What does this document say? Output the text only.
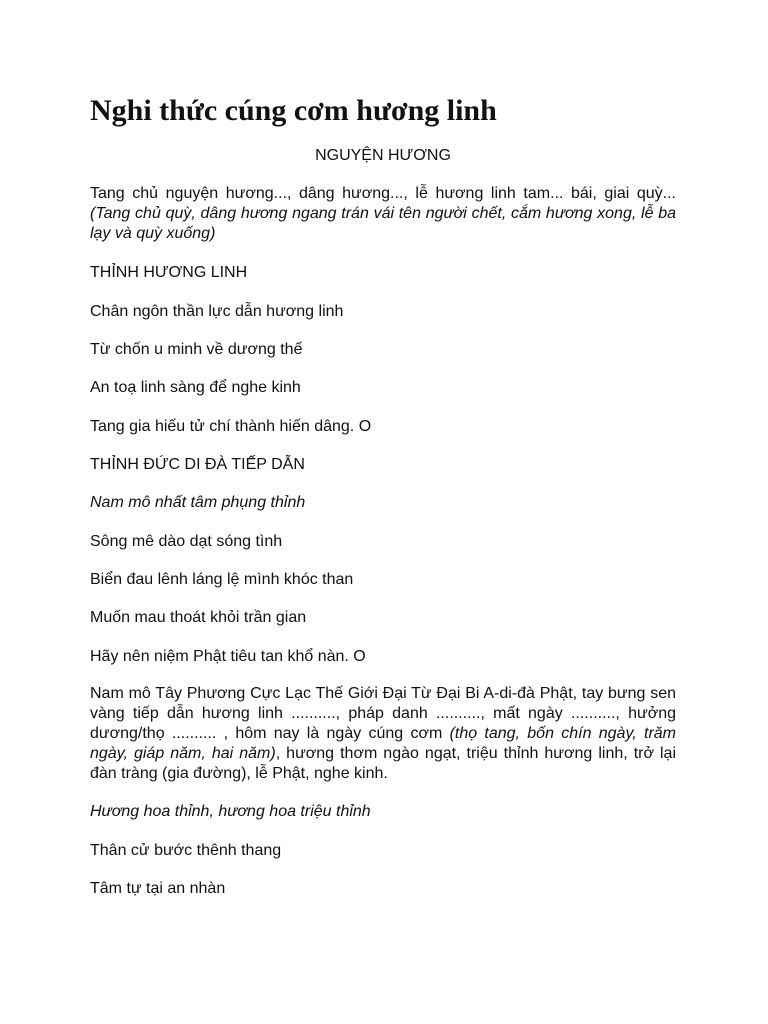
Nghi thức cúng cơm hương linh
NGUYỆN HƯƠNG

Tang chủ nguyện hương..., dâng hương..., lễ hương linh tam... bái, giai quỳ... (Tang chủ quỳ, dâng hương ngang trán vái tên người chết, cắm hương xong, lễ ba lạy và quỳ xuống)

THỈNH HƯƠNG LINH

Chân ngôn thần lực dẫn hương linh

Từ chốn u minh về dương thế

An toạ linh sàng để nghe kinh

Tang gia hiếu tử chí thành hiến dâng. O

THỈNH ĐỨC DI ĐÀ TIẾP DẪN

Nam mô nhất tâm phụng thỉnh

Sông mê dào dạt sóng tình

Biển đau lênh láng lệ mình khóc than

Muốn mau thoát khỏi trần gian

Hãy nên niệm Phật tiêu tan khổ nàn. O

Nam mô Tây Phương Cực Lạc Thế Giới Đại Từ Đại Bi A-di-đà Phật, tay bưng sen vàng tiếp dẫn hương linh .........., pháp danh .........., mất ngày .........., hưởng dương/thọ .......... , hôm nay là ngày cúng cơm (thọ tang, bốn chín ngày, trăm ngày, giáp năm, hai năm), hương thơm ngào ngạt, triệu thỉnh hương linh, trở lại đàn tràng (gia đường), lễ Phật, nghe kinh.

Hương hoa thỉnh, hương hoa triệu thỉnh

Thân cử bước thênh thang

Tâm tự tại an nhàn
